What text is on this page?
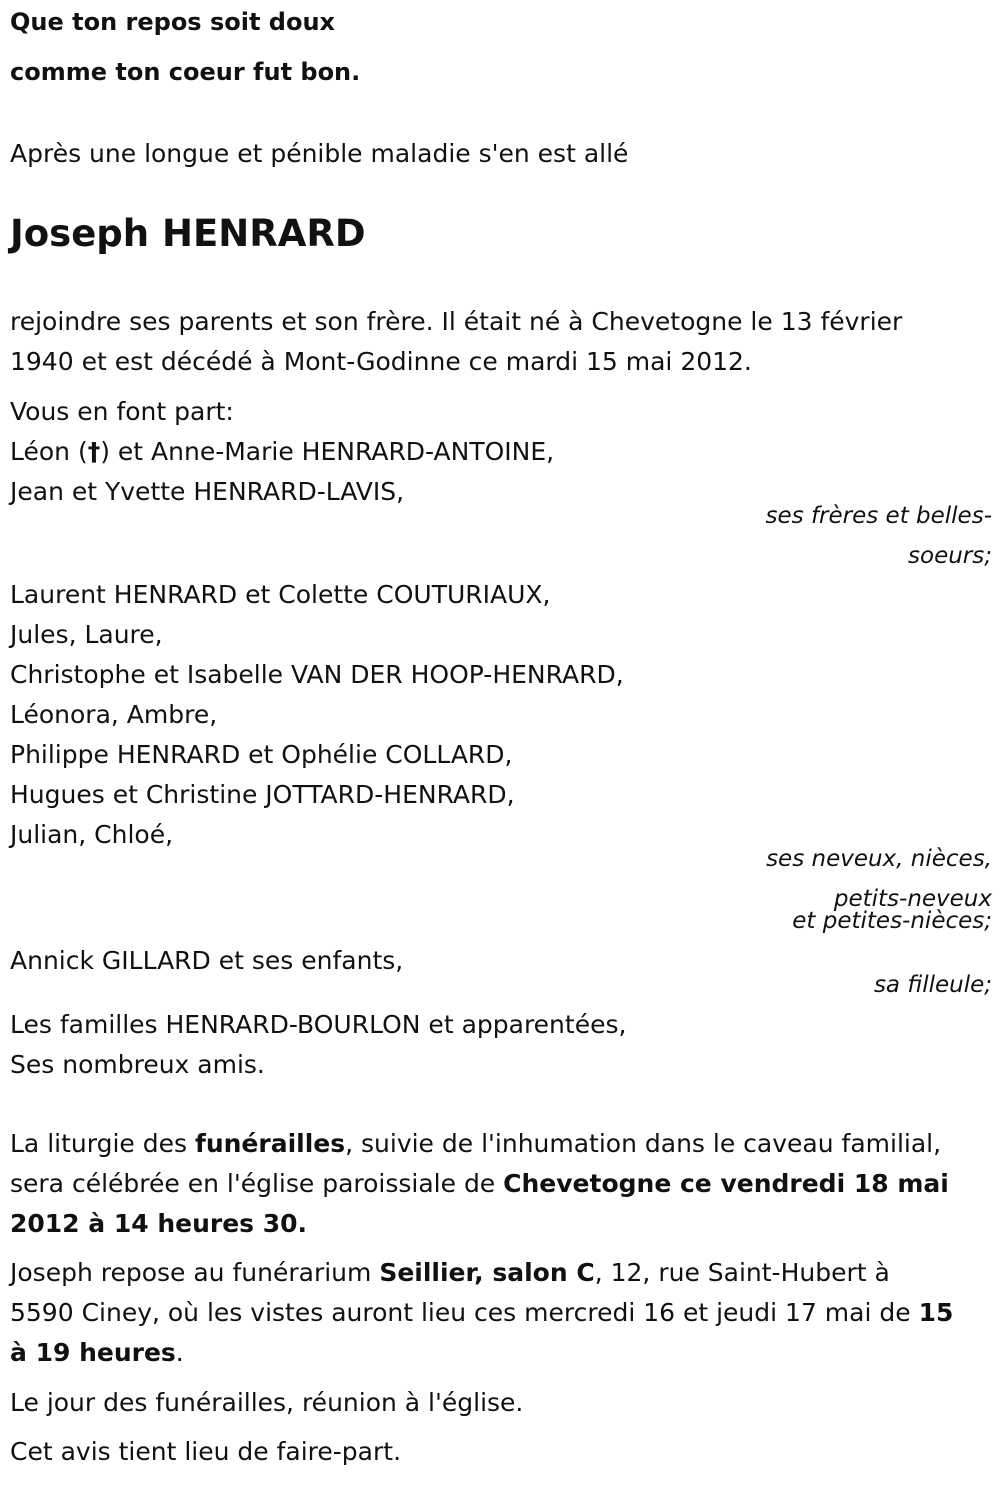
Que ton repos soit doux
comme ton coeur fut bon.
Après une longue et pénible maladie s'en est allé
Joseph HENRARD
rejoindre ses parents et son frère. Il était né à Chevetogne le 13 février
1940 et est décédé à Mont-Godinne ce mardi 15 mai 2012.
Vous en font part:
Léon (†) et Anne-Marie HENRARD-ANTOINE,
Jean et Yvette HENRARD-LAVIS,
ses frères et belles-
soeurs;
Laurent HENRARD et Colette COUTURIAUX,
Jules, Laure,
Christophe et Isabelle VAN DER HOOP-HENRARD,
Léonora, Ambre,
Philippe HENRARD et Ophélie COLLARD,
Hugues et Christine JOTTARD-HENRARD,
Julian, Chloé,
ses neveux, nièces,
petits-neveux
et petites-nièces;
Annick GILLARD et ses enfants,
sa filleule;
Les familles HENRARD-BOURLON et apparentées,
Ses nombreux amis.
La liturgie des funérailles, suivie de l'inhumation dans le caveau familial,
sera célébrée en l'église paroissiale de Chevetogne ce vendredi 18 mai
2012 à 14 heures 30.
Joseph repose au funérarium Seillier, salon C, 12, rue Saint-Hubert à
5590 Ciney, où les vistes auront lieu ces mercredi 16 et jeudi 17 mai de 15
à 19 heures.
Le jour des funérailles, réunion à l'église.
Cet avis tient lieu de faire-part.
